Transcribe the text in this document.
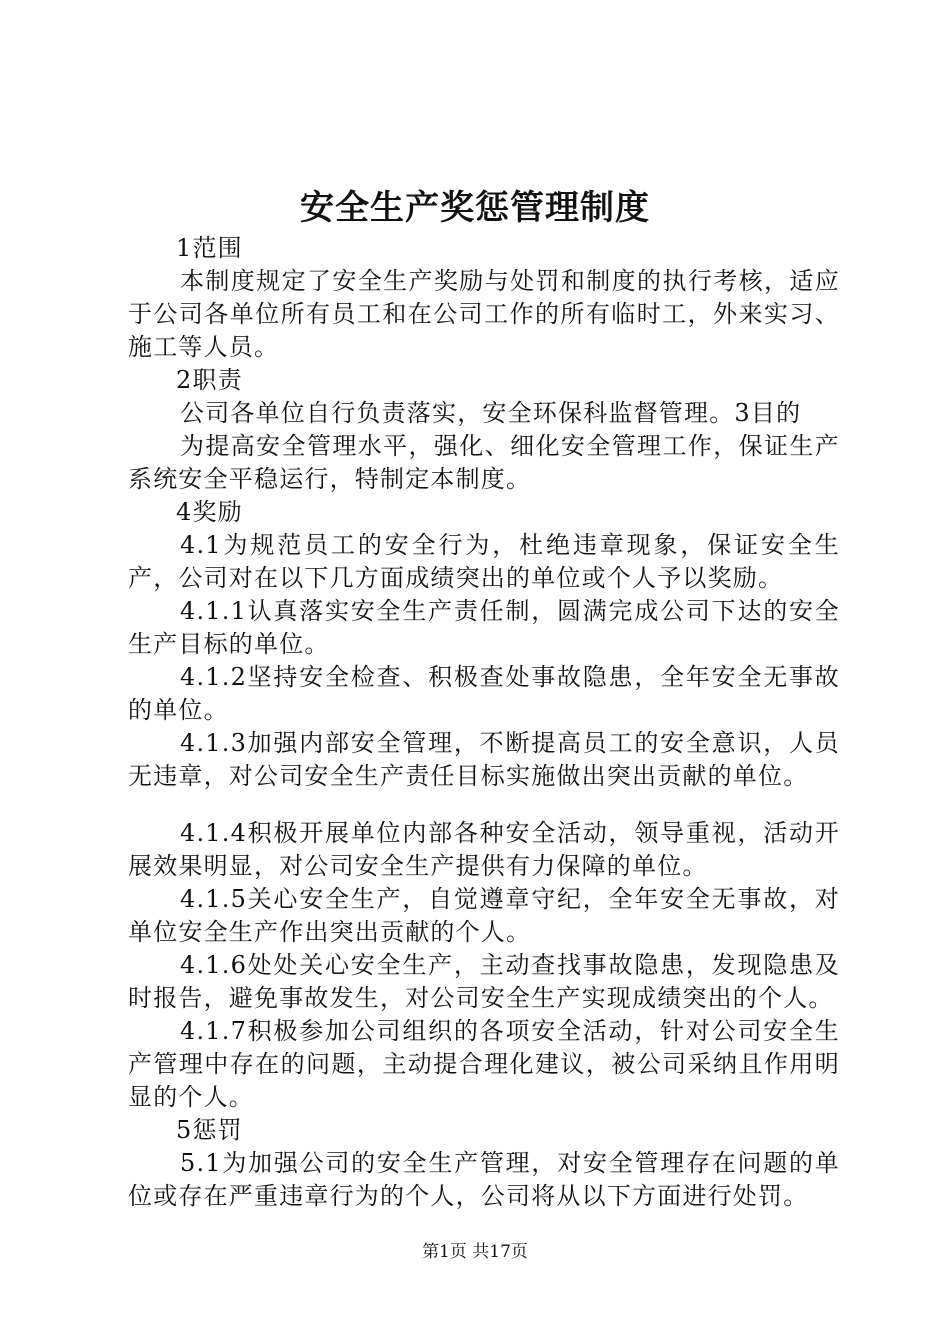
安全生产奖惩管理制度

1范围

本制度规定了安全生产奖励与处罚和制度的执行考核，适应于公司各单位所有员工和在公司工作的所有临时工，外来实习、施工等人员。

2职责

公司各单位自行负责落实，安全环保科监督管理。3目的

为提高安全管理水平，强化、细化安全管理工作，保证生产系统安全平稳运行，特制定本制度。

4奖励

4.1为规范员工的安全行为，杜绝违章现象，保证安全生产，公司对在以下几方面成绩突出的单位或个人予以奖励。

4.1.1认真落实安全生产责任制，圆满完成公司下达的安全生产目标的单位。

4.1.2坚持安全检查、积极查处事故隐患，全年安全无事故的单位。

4.1.3加强内部安全管理，不断提高员工的安全意识，人员无违章，对公司安全生产责任目标实施做出突出贡献的单位。

4.1.4积极开展单位内部各种安全活动，领导重视，活动开展效果明显，对公司安全生产提供有力保障的单位。

4.1.5关心安全生产，自觉遵章守纪，全年安全无事故，对单位安全生产作出突出贡献的个人。

4.1.6处处关心安全生产，主动查找事故隐患，发现隐患及时报告，避免事故发生，对公司安全生产实现成绩突出的个人。

4.1.7积极参加公司组织的各项安全活动，针对公司安全生产管理中存在的问题，主动提合理化建议，被公司采纳且作用明显的个人。

5惩罚

5.1为加强公司的安全生产管理，对安全管理存在问题的单位或存在严重违章行为的个人，公司将从以下方面进行处罚。

第1页 共17页
